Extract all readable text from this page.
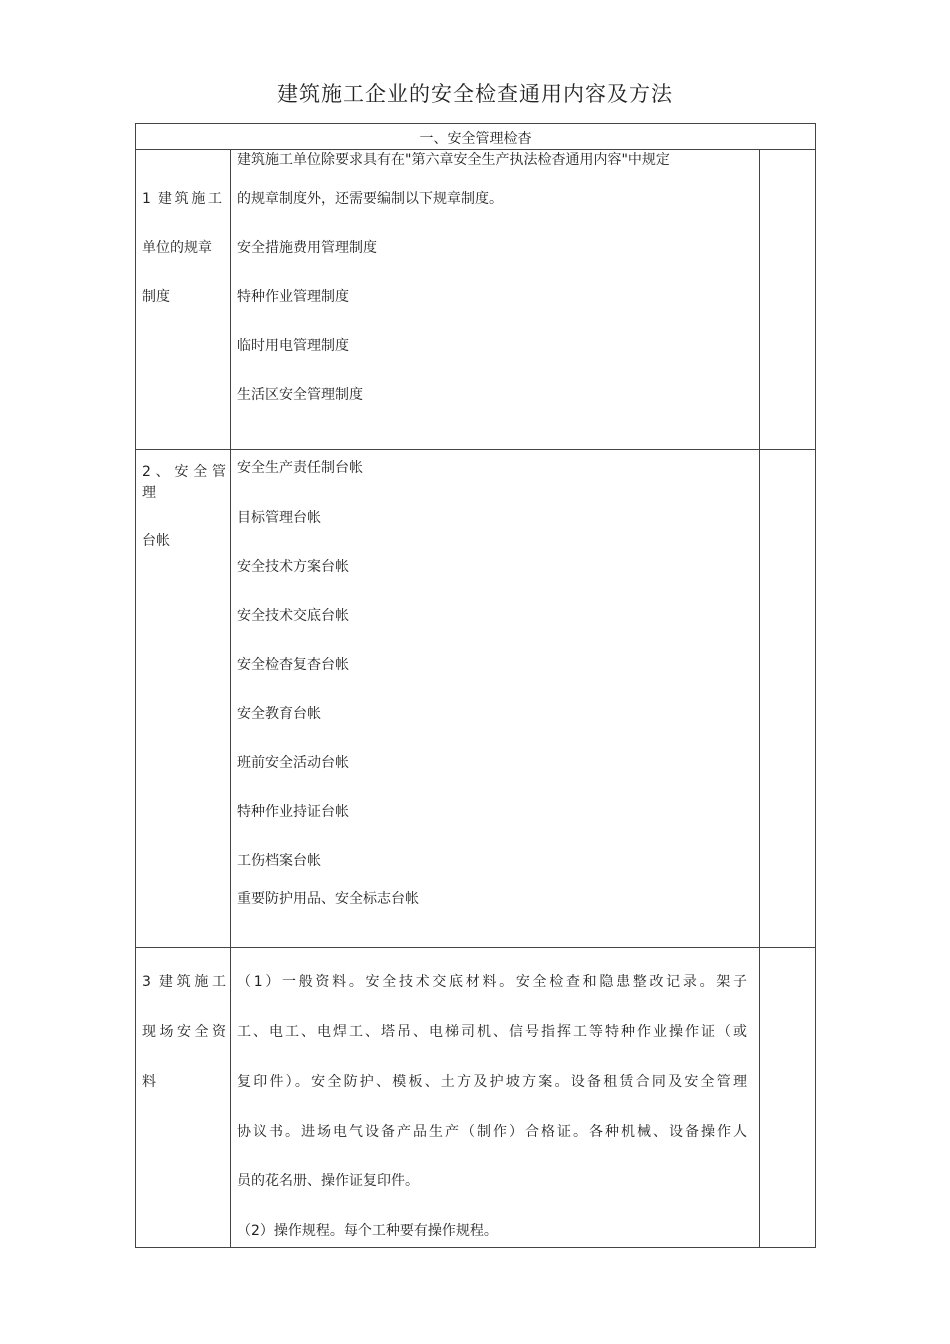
建筑施工企业的安全检查通用内容及方法
一、安全管理检杳
1 建筑施工
单位的规章
制度
建筑施工单位除要求具有在"第六章安全生产执法检杳通用内容"中规定
的规章制度外，还需要编制以下规章制度。
安全措施费用管理制度
特种作业管理制度
临时用电管理制度
生活区安全管理制度
2、安全管
理
台帐
安全生产责任制台帐
目标管理台帐
安全技术方案台帐
安全技术交底台帐
安全检杳复杳台帐
安全教育台帐
班前安全活动台帐
特种作业持证台帐
工伤档案台帐
重要防护用品、安全标志台帐
3 建筑施工
现场安全资
料
（1）一般资料。安全技术交底材料。安全检查和隐患整改记录。架子
工、电工、电焊工、塔吊、电梯司机、信号指挥工等特种作业操作证（或
复印件）。安全防护、模板、土方及护坡方案。设备租赁合同及安全管理
协议书。进场电气设备产品生产（制作）合格证。各种机械、设备操作人
员的花名册、操作证复印件。
（2）操作规程。每个工种要有操作规程。
